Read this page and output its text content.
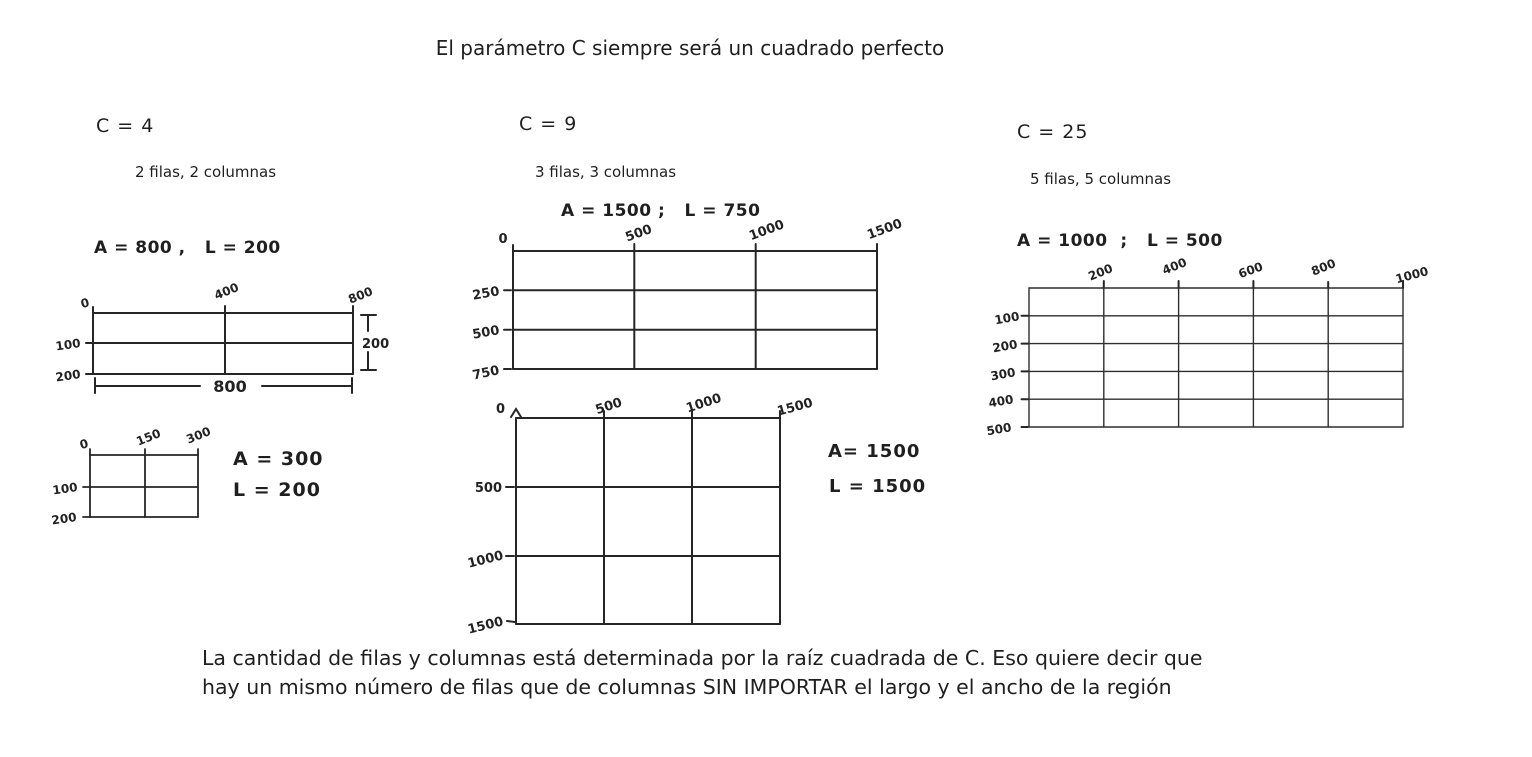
El parámetro C siempre será un cuadrado perfecto
C = 4
2 filas, 2 columnas
A = 800 ,   L = 200
C = 9
3 filas, 3 columnas
A = 1500 ;   L = 750
C = 25
5 filas, 5 columnas
A = 1000  ;   L = 500
A = 300
L = 200
A= 1500
L = 1500
0
400	800
100
200
200
800
0	150 300
100
200
0	500	1000	1500
250
500
750
0	500	1000	1500
500
1000
1500
200	400	600	800	1000
100
200
300
400
500
La cantidad de filas y columnas está determinada por la raíz cuadrada de C. Eso quiere decir que
hay un mismo número de filas que de columnas SIN IMPORTAR el largo y el ancho de la región
